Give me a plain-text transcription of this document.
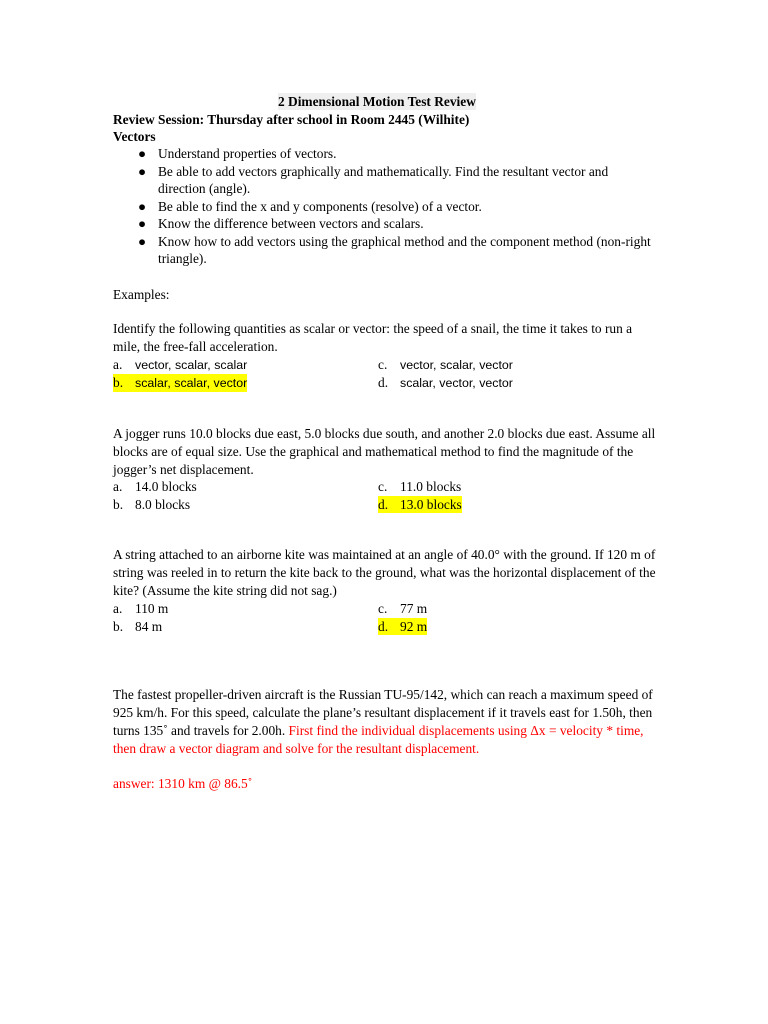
2 Dimensional Motion Test Review
Review Session: Thursday after school in Room 2445 (Wilhite)
Vectors
● Understand properties of vectors.
● Be able to add vectors graphically and mathematically. Find the resultant vector and direction (angle).
● Be able to find the x and y components (resolve) of a vector.
● Know the difference between vectors and scalars.
● Know how to add vectors using the graphical method and the component method (non-right triangle).
Examples:
Identify the following quantities as scalar or vector: the speed of a snail, the time it takes to run a mile, the free-fall acceleration.
a. vector, scalar, scalar
b. scalar, scalar, vector
c. vector, scalar, vector
d. scalar, vector, vector
A jogger runs 10.0 blocks due east, 5.0 blocks due south, and another 2.0 blocks due east. Assume all blocks are of equal size. Use the graphical and mathematical method to find the magnitude of the jogger’s net displacement.
a. 14.0 blocks
b. 8.0 blocks
c. 11.0 blocks
d. 13.0 blocks
A string attached to an airborne kite was maintained at an angle of 40.0° with the ground. If 120 m of string was reeled in to return the kite back to the ground, what was the horizontal displacement of the kite? (Assume the kite string did not sag.)
a. 110 m
b. 84 m
c. 77 m
d. 92 m
The fastest propeller-driven aircraft is the Russian TU-95/142, which can reach a maximum speed of 925 km/h. For this speed, calculate the plane’s resultant displacement if it travels east for 1.50h, then turns 135˚ and travels for 2.00h. First find the individual displacements using Δx = velocity * time, then draw a vector diagram and solve for the resultant displacement.
answer: 1310 km @ 86.5˚
